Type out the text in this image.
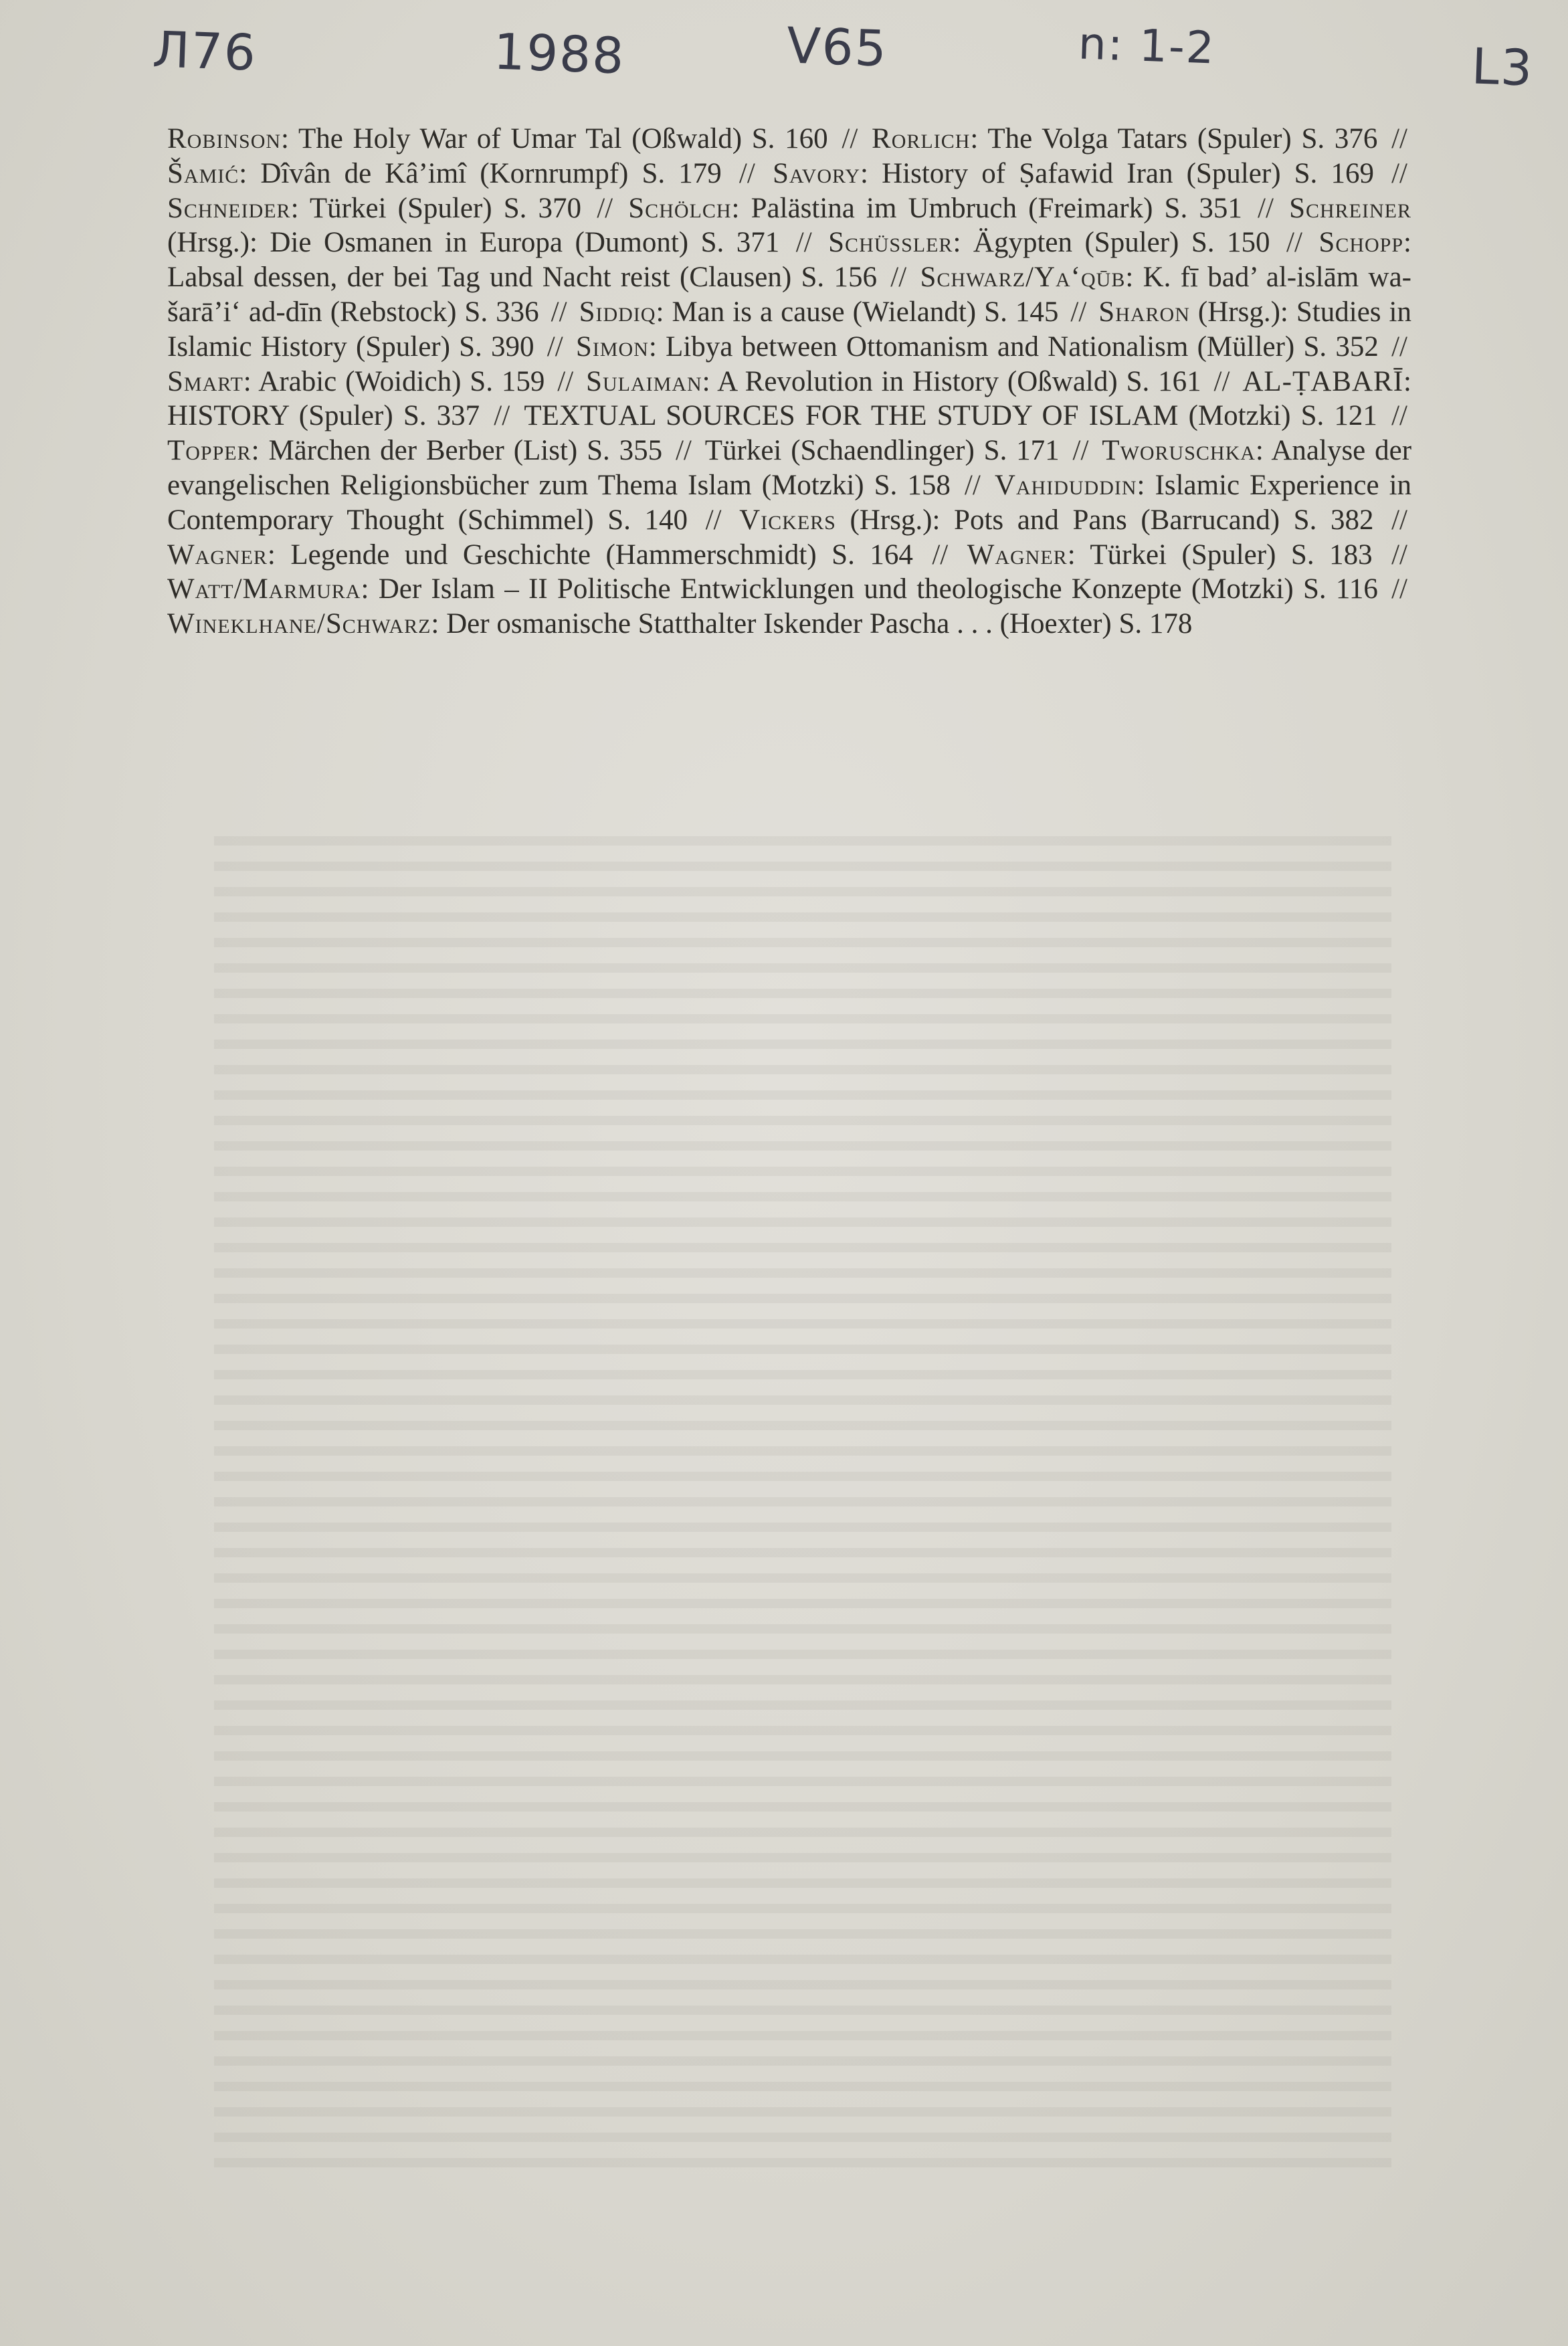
Л76	1988	V65	n: 1-2	L3
Robinson: The Holy War of Umar Tal (Oßwald) S. 160 // Rorlich: The Volga Tatars (Spuler) S. 376 // Šamić: Dîvân de Kâ’imî (Kornrumpf) S. 179 // Savory: History of Ṣafawid Iran (Spuler) S. 169 // Schneider: Türkei (Spuler) S. 370 // Schölch: Palästina im Umbruch (Freimark) S. 351 // Schreiner (Hrsg.): Die Osmanen in Europa (Dumont) S. 371 // Schüssler: Ägypten (Spuler) S. 150 // Schopp: Labsal dessen, der bei Tag und Nacht reist (Clausen) S. 156 // Schwarz/Ya‘qūb: K. fī bad’ al-islām wa-šarā’i‘ ad-dīn (Rebstock) S. 336 // Siddiq: Man is a cause (Wielandt) S. 145 // Sharon (Hrsg.): Studies in Islamic History (Spuler) S. 390 // Simon: Libya between Ottomanism and Nationalism (Müller) S. 352 // Smart: Arabic (Woidich) S. 159 // Sulaiman: A Revolution in History (Oßwald) S. 161 // AL-ṬABARĪ: HISTORY (Spuler) S. 337 // TEXTUAL SOURCES FOR THE STUDY OF ISLAM (Motzki) S. 121 // Topper: Märchen der Berber (List) S. 355 // Türkei (Schaendlinger) S. 171 // Tworuschka: Analyse der evangelischen Religionsbücher zum Thema Islam (Motzki) S. 158 // Vahiduddin: Islamic Experience in Contemporary Thought (Schimmel) S. 140 // Vickers (Hrsg.): Pots and Pans (Barrucand) S. 382 // Wagner: Legende und Geschichte (Hammerschmidt) S. 164 // Wagner: Türkei (Spuler) S. 183 // Watt/Marmura: Der Islam – II Politische Entwicklungen und theologische Konzepte (Motzki) S. 116 // Wineklhane/Schwarz: Der osmanische Statthalter Iskender Pascha . . . (Hoexter) S. 178
